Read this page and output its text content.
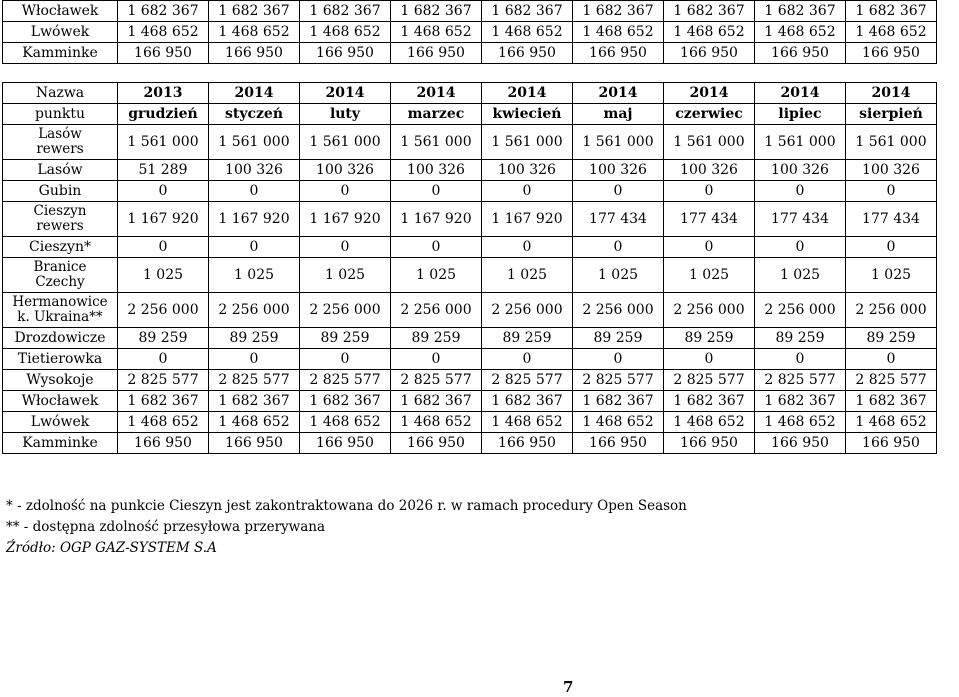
Włocławek	1 682 367	1 682 367	1 682 367	1 682 367	1 682 367	1 682 367	1 682 367	1 682 367	1 682 367
Lwówek	1 468 652	1 468 652	1 468 652	1 468 652	1 468 652	1 468 652	1 468 652	1 468 652	1 468 652
Kamminke	166 950	166 950	166 950	166 950	166 950	166 950	166 950	166 950	166 950
Nazwa	2013	2014	2014	2014	2014	2014	2014	2014	2014
punktu	grudzień	styczeń	luty	marzec	kwiecień	maj	czerwiec	lipiec	sierpień

Lasów
rewers	1 561 000	1 561 000	1 561 000	1 561 000	1 561 000	1 561 000	1 561 000	1 561 000	1 561 000

Lasów	51 289	100 326	100 326	100 326	100 326	100 326	100 326	100 326	100 326

Gubin	0	0	0	0	0	0	0	0	0

Cieszyn
rewers	1 167 920	1 167 920	1 167 920	1 167 920	1 167 920	177 434	177 434	177 434	177 434

Cieszyn*	0	0	0	0	0	0	0	0	0

Branice
Czechy	1 025	1 025	1 025	1 025	1 025	1 025	1 025	1 025	1 025

Hermanowice
k. Ukraina**	2 256 000	2 256 000	2 256 000	2 256 000	2 256 000	2 256 000	2 256 000	2 256 000	2 256 000

Drozdowicze	89 259	89 259	89 259	89 259	89 259	89 259	89 259	89 259	89 259

Tietierowka	0	0	0	0	0	0	0	0	0

Wysokoje	2 825 577	2 825 577	2 825 577	2 825 577	2 825 577	2 825 577	2 825 577	2 825 577	2 825 577

Włocławek	1 682 367	1 682 367	1 682 367	1 682 367	1 682 367	1 682 367	1 682 367	1 682 367	1 682 367

Lwówek	1 468 652	1 468 652	1 468 652	1 468 652	1 468 652	1 468 652	1 468 652	1 468 652	1 468 652

Kamminke	166 950	166 950	166 950	166 950	166 950	166 950	166 950	166 950	166 950
* - zdolność na punkcie Cieszyn jest zakontraktowana do 2026 r. w ramach procedury Open Season
** - dostępna zdolność przesyłowa przerywana
Źródło: OGP GAZ-SYSTEM S.A
7
